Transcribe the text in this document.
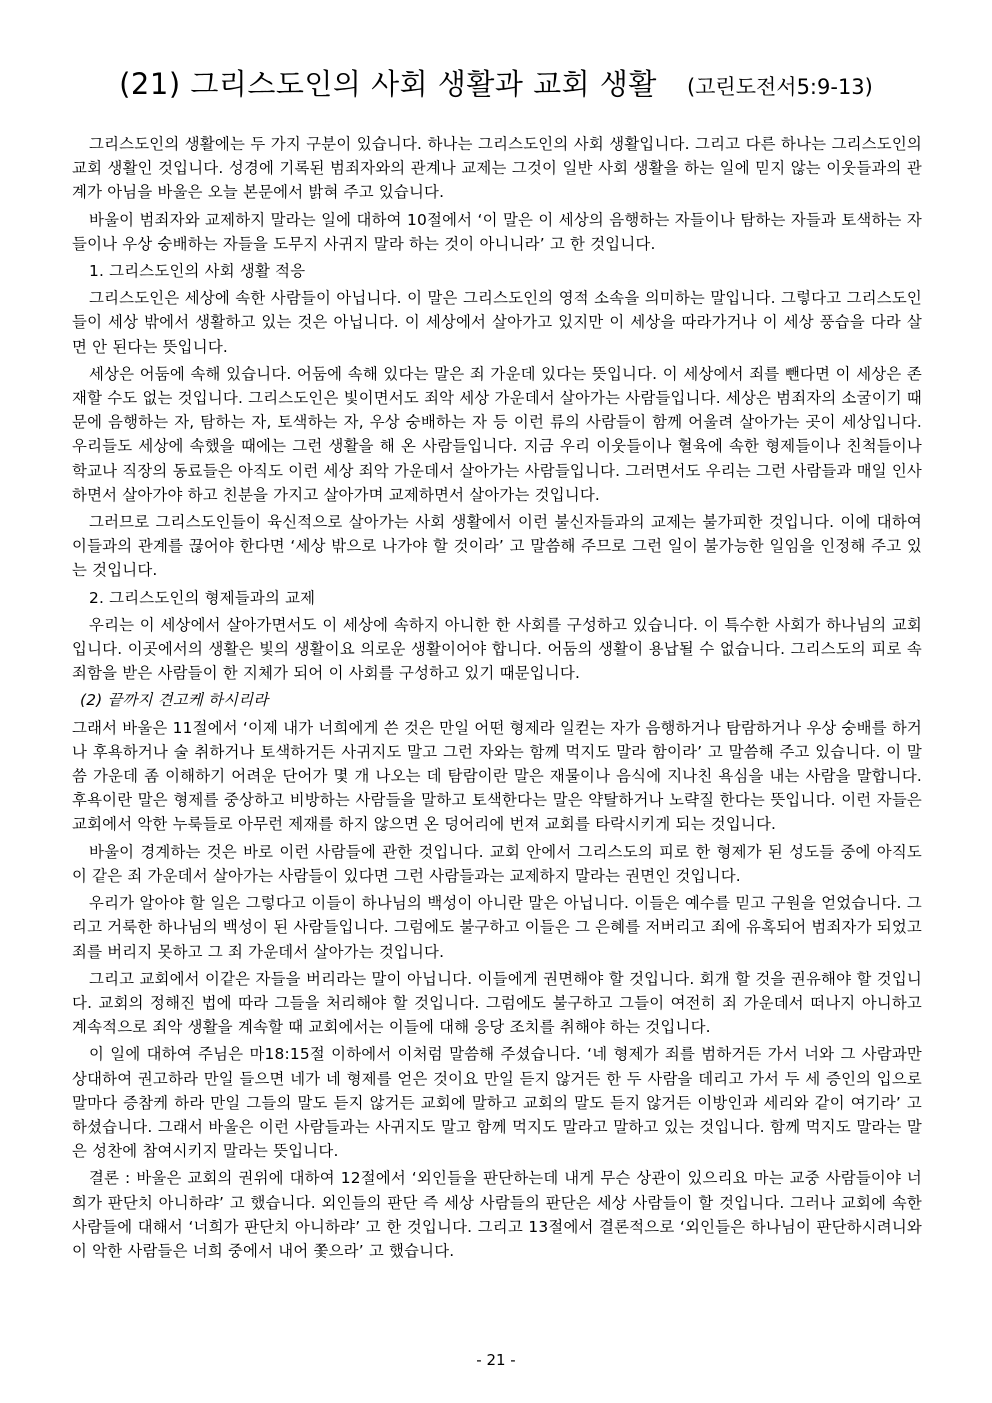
(21) 그리스도인의 사회 생활과 교회 생활 (고린도전서5:9-13)

그리스도인의 생활에는 두 가지 구분이 있습니다. 하나는 그리스도인의 사회 생활입니다. 그리고 다른 하나는 그리스도인의 교회 생활인 것입니다. 성경에 기록된 범죄자와의 관계나 교제는 그것이 일반 사회 생활을 하는 일에 믿지 않는 이웃들과의 관계가 아님을 바울은 오늘 본문에서 밝혀 주고 있습니다.

바울이 범죄자와 교제하지 말라는 일에 대하여 10절에서 ‘이 말은 이 세상의 음행하는 자들이나 탐하는 자들과 토색하는 자들이나 우상 숭배하는 자들을 도무지 사귀지 말라 하는 것이 아니니라’ 고 한 것입니다.

1. 그리스도인의 사회 생활 적응

그리스도인은 세상에 속한 사람들이 아닙니다. 이 말은 그리스도인의 영적 소속을 의미하는 말입니다. 그렇다고 그리스도인들이 세상 밖에서 생활하고 있는 것은 아닙니다. 이 세상에서 살아가고 있지만 이 세상을 따라가거나 이 세상 풍습을 다라 살면 안 된다는 뜻입니다.

세상은 어둠에 속해 있습니다. 어둠에 속해 있다는 말은 죄 가운데 있다는 뜻입니다. 이 세상에서 죄를 뺀다면 이 세상은 존재할 수도 없는 것입니다. 그리스도인은 빛이면서도 죄악 세상 가운데서 살아가는 사람들입니다. 세상은 범죄자의 소굴이기 때문에 음행하는 자, 탐하는 자, 토색하는 자, 우상 숭배하는 자 등 이런 류의 사람들이 함께 어울려 살아가는 곳이 세상입니다. 우리들도 세상에 속했을 때에는 그런 생활을 해 온 사람들입니다. 지금 우리 이웃들이나 혈육에 속한 형제들이나 친척들이나 학교나 직장의 동료들은 아직도 이런 세상 죄악 가운데서 살아가는 사람들입니다. 그러면서도 우리는 그런 사람들과 매일 인사하면서 살아가야 하고 친분을 가지고 살아가며 교제하면서 살아가는 것입니다.

그러므로 그리스도인들이 육신적으로 살아가는 사회 생활에서 이런 불신자들과의 교제는 불가피한 것입니다. 이에 대하여 이들과의 관계를 끊어야 한다면 ‘세상 밖으로 나가야 할 것이라’ 고 말씀해 주므로 그런 일이 불가능한 일임을 인정해 주고 있는 것입니다.

2. 그리스도인의 형제들과의 교제

우리는 이 세상에서 살아가면서도 이 세상에 속하지 아니한 한 사회를 구성하고 있습니다. 이 특수한 사회가 하나님의 교회입니다. 이곳에서의 생활은 빛의 생활이요 의로운 생활이어야 합니다. 어둠의 생활이 용납될 수 없습니다. 그리스도의 피로 속죄함을 받은 사람들이 한 지체가 되어 이 사회를 구성하고 있기 때문입니다.

(2) 끝까지 견고케 하시리라

그래서 바울은 11절에서 ‘이제 내가 너희에게 쓴 것은 만일 어떤 형제라 일컫는 자가 음행하거나 탐람하거나 우상 숭배를 하거나 후욕하거나 술 취하거나 토색하거든 사귀지도 말고 그런 자와는 함께 먹지도 말라 함이라’ 고 말씀해 주고 있습니다. 이 말씀 가운데 좀 이해하기 어려운 단어가 몇 개 나오는 데 탐람이란 말은 재물이나 음식에 지나친 욕심을 내는 사람을 말합니다. 후욕이란 말은 형제를 중상하고 비방하는 사람들을 말하고 토색한다는 말은 약탈하거나 노략질 한다는 뜻입니다. 이런 자들은 교회에서 악한 누룩들로 아무런 제재를 하지 않으면 온 덩어리에 번져 교회를 타락시키게 되는 것입니다.

바울이 경계하는 것은 바로 이런 사람들에 관한 것입니다. 교회 안에서 그리스도의 피로 한 형제가 된 성도들 중에 아직도 이 같은 죄 가운데서 살아가는 사람들이 있다면 그런 사람들과는 교제하지 말라는 권면인 것입니다.

우리가 알아야 할 일은 그렇다고 이들이 하나님의 백성이 아니란 말은 아닙니다. 이들은 예수를 믿고 구원을 얻었습니다. 그리고 거룩한 하나님의 백성이 된 사람들입니다. 그럼에도 불구하고 이들은 그 은혜를 저버리고 죄에 유혹되어 범죄자가 되었고 죄를 버리지 못하고 그 죄 가운데서 살아가는 것입니다.

그리고 교회에서 이같은 자들을 버리라는 말이 아닙니다. 이들에게 권면해야 할 것입니다. 회개 할 것을 권유해야 할 것입니다. 교회의 정해진 법에 따라 그들을 처리해야 할 것입니다. 그럼에도 불구하고 그들이 여전히 죄 가운데서 떠나지 아니하고 계속적으로 죄악 생활을 계속할 때 교회에서는 이들에 대해 응당 조치를 취해야 하는 것입니다.

이 일에 대하여 주님은 마18:15절 이하에서 이처럼 말씀해 주셨습니다. ‘네 형제가 죄를 범하거든 가서 너와 그 사람과만 상대하여 권고하라 만일 들으면 네가 네 형제를 얻은 것이요 만일 듣지 않거든 한 두 사람을 데리고 가서 두 세 증인의 입으로 말마다 증참케 하라 만일 그들의 말도 듣지 않거든 교회에 말하고 교회의 말도 듣지 않거든 이방인과 세리와 같이 여기라’ 고 하셨습니다. 그래서 바울은 이런 사람들과는 사귀지도 말고 함께 먹지도 말라고 말하고 있는 것입니다. 함께 먹지도 말라는 말은 성찬에 참여시키지 말라는 뜻입니다.

결론 : 바울은 교회의 권위에 대하여 12절에서 ‘외인들을 판단하는데 내게 무슨 상관이 있으리요 마는 교중 사람들이야 너희가 판단치 아니하랴’ 고 했습니다. 외인들의 판단 즉 세상 사람들의 판단은 세상 사람들이 할 것입니다. 그러나 교회에 속한 사람들에 대해서 ‘너희가 판단치 아니하랴’ 고 한 것입니다. 그리고 13절에서 결론적으로 ‘외인들은 하나님이 판단하시려니와 이 악한 사람들은 너희 중에서 내어 쫓으라’ 고 했습니다.

- 21 -
